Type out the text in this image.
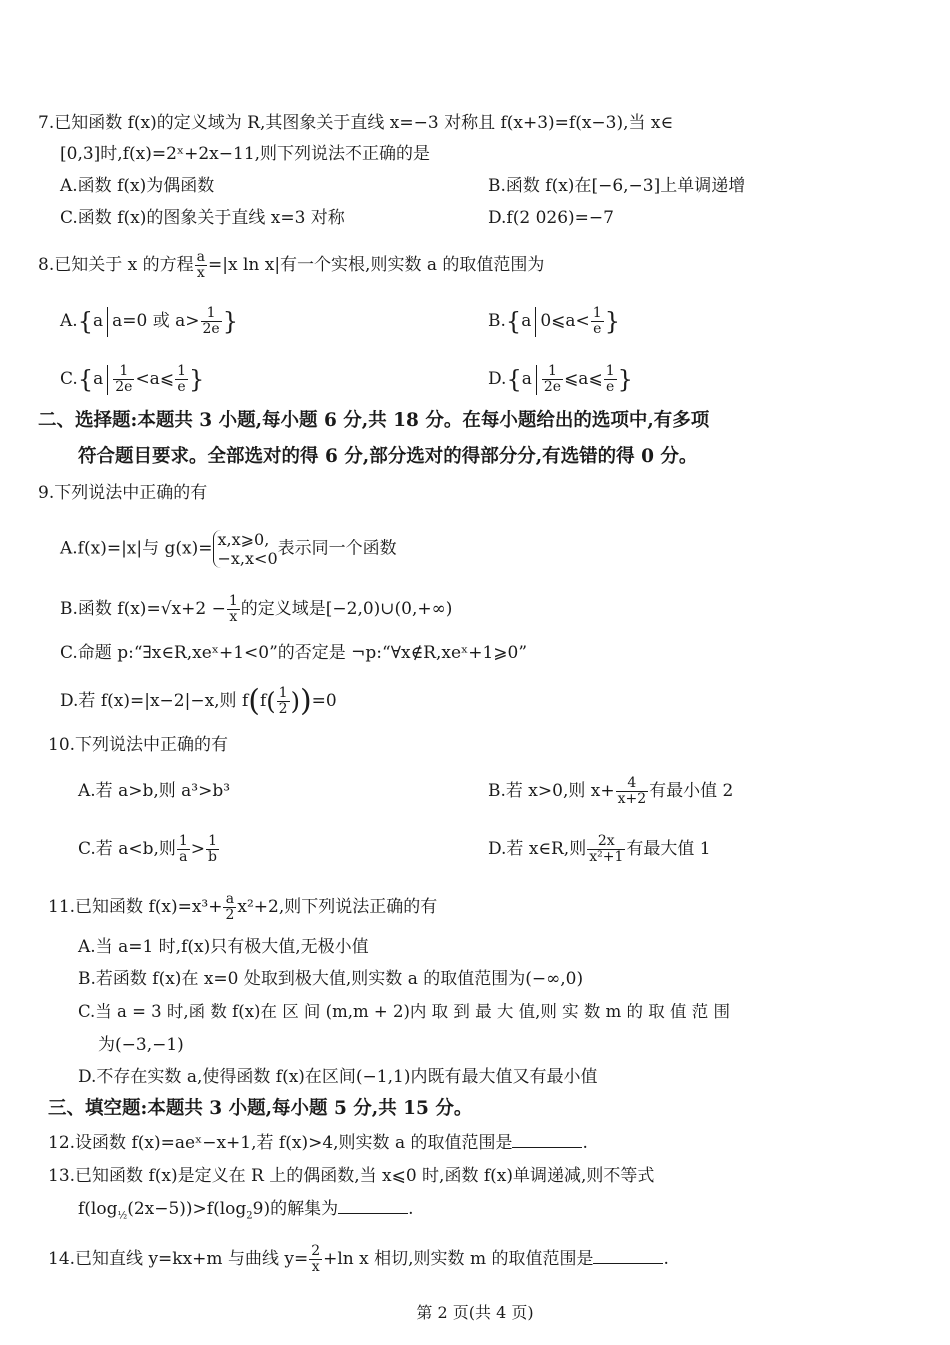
7.已知函数 f(x)的定义域为 R,其图象关于直线 x=−3 对称且 f(x+3)=f(x−3),当 x∈
[0,3]时,f(x)=2ˣ+2x−11,则下列说法不正确的是
A.函数 f(x)为偶函数	B.函数 f(x)在[−6,−3]上单调递增
C.函数 f(x)的图象关于直线 x=3 对称	D.f(2 026)=−7
8.已知关于 x 的方程 $\frac{a}{x} =|x$ ln x|有一个实根,则实数 a 的取值范围为
A.{a a=0 或 $a> \frac{1}{2e}$ }	B.{a 0⩽a< $\frac{1}{e}$ }
$C.\{a \frac{1}{2e}$ <a⩽ $\frac{1}{e}$ }	$D.\{a \frac{1}{2e}$ ⩽a⩽ $\frac{1}{e}$ }
二、选择题:本题共 3 小题,每小题 6 分,共 18 分。在每小题给出的选项中,有多项
符合题目要求。全部选对的得 6 分,部分选对的得部分分,有选错的得 0 分。
9.下列说法中正确的有
A.f(x)=|x|与 g(x)= x,x⩾0,
−x,x<0 表示同一个函数
B.函数 $f(x)=√x+2 - \frac{1}{x}$ 的定义域是[−2,0)∪(0,+∞)
C.命题 p:“∃x∈R,xeˣ+1<0”的否定是 ¬p:“∀x∉R,xeˣ+1⩾0”
D.若 f(x)=|x−2|−x,则 $f(f( \frac{1}{2} ))=0$
10.下列说法中正确的有
A.若 a>b,则 a³>b³	B.若 x>0,则 $x+ \frac{4}{x+2}$ 有最小值 2
C.若 a<b,则 $\frac{1}{a} > \frac{1}{b}$	D.若 x∈R,则 $\frac{2x}{\text{x²+1}}$ 有最大值 1
11.已知函数 $f(x)=x^3+ \frac{a}{2} x^2+2$,则下列说法正确的有
A.当 a=1 时,f(x)只有极大值,无极小值
B.若函数 f(x)在 x=0 处取到极大值,则实数 a 的取值范围为(−∞,0)
C.当 a = 3 时,函 数 f(x)在 区 间 (m,m + 2)内 取 到 最 大 值,则 实 数 m 的 取 值 范 围
为(−3,−1)
D.不存在实数 a,使得函数 f(x)在区间(−1,1)内既有最大值又有最小值
三、填空题:本题共 3 小题,每小题 5 分,共 15 分。
12.设函数 f(x)=aeˣ−x+1,若 f(x)>4,则实数 a 的取值范围是	.
13.已知函数 f(x)是定义在 R 上的偶函数,当 x⩽0 时,函数 f(x)单调递减,则不等式
$f(\log_{\frac{1}{2}}(2x-5))>f(\log_29)$的解集为	.
14.已知直线 y=kx+m 与曲线 $y= \frac{2}{x} +\ln$ x 相切,则实数 m 的取值范围是	.
第 2 页(共 4 页)
